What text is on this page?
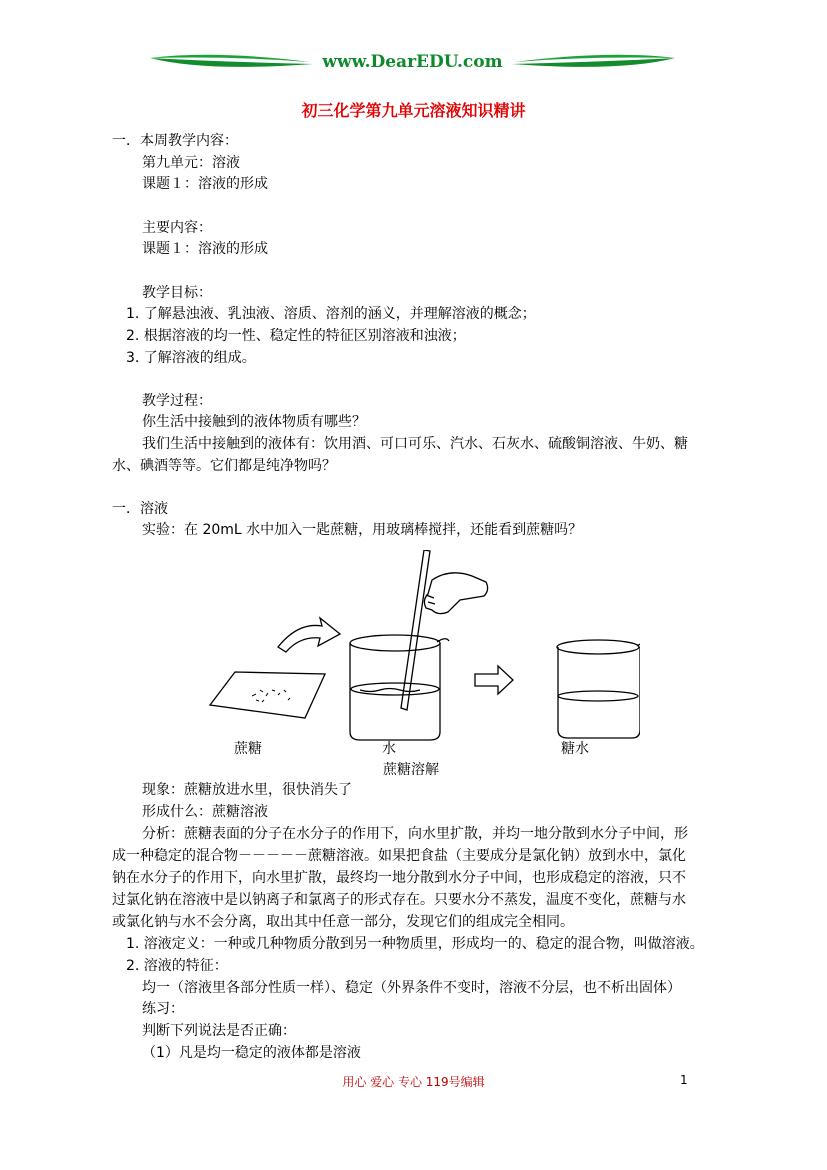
www.DearEDU.com
初三化学第九单元溶液知识精讲
一．本周教学内容：
第九单元：溶液
课题１：溶液的形成
主要内容：
课题１：溶液的形成
教学目标：
1. 了解悬浊液、乳浊液、溶质、溶剂的涵义，并理解溶液的概念；
2. 根据溶液的均一性、稳定性的特征区别溶液和浊液；
3. 了解溶液的组成。
教学过程：
你生活中接触到的液体物质有哪些？
我们生活中接触到的液体有：饮用酒、可口可乐、汽水、石灰水、硫酸铜溶液、牛奶、糖
水、碘酒等等。它们都是纯净物吗？
一．溶液
实验：在 20mL 水中加入一匙蔗糖，用玻璃棒搅拌，还能看到蔗糖吗？
蔗糖	水	糖水
蔗糖溶解
现象：蔗糖放进水里，很快消失了
形成什么：蔗糖溶液
分析：蔗糖表面的分子在水分子的作用下，向水里扩散，并均一地分散到水分子中间，形
成一种稳定的混合物－－－－－蔗糖溶液。如果把食盐（主要成分是氯化钠）放到水中，氯化
钠在水分子的作用下，向水里扩散，最终均一地分散到水分子中间，也形成稳定的溶液，只不
过氯化钠在溶液中是以钠离子和氯离子的形式存在。只要水分不蒸发，温度不变化，蔗糖与水
或氯化钠与水不会分离，取出其中任意一部分，发现它们的组成完全相同。
1. 溶液定义：一种或几种物质分散到另一种物质里，形成均一的、稳定的混合物，叫做溶液。
2. 溶液的特征：
均一（溶液里各部分性质一样）、稳定（外界条件不变时，溶液不分层，也不析出固体）
练习：
判断下列说法是否正确：
（1）凡是均一稳定的液体都是溶液
用心 爱心 专心 119号编辑	1
